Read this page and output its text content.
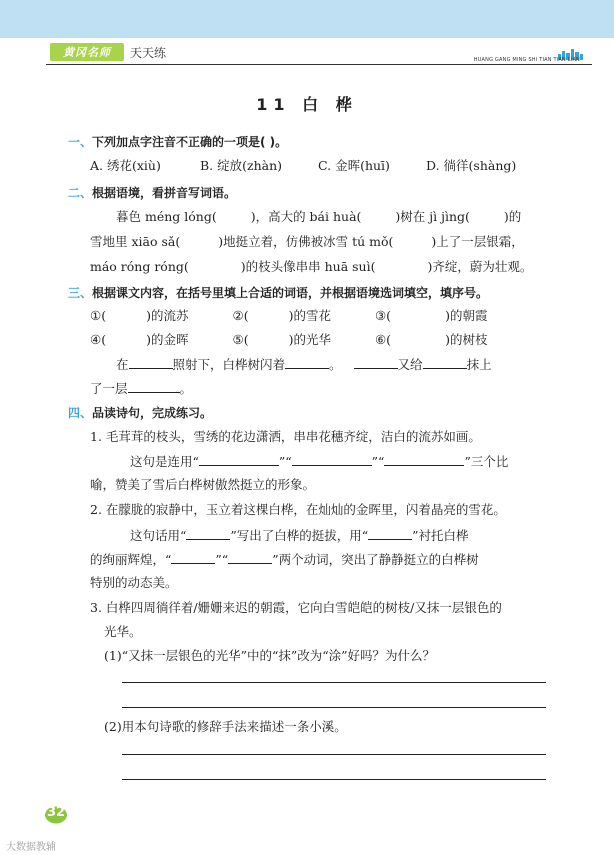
黄冈名师 天天练	HUANG GANG MING SHI TIAN TIAN LIAN
11 白 桦
一、下列加点字注音不正确的一项是( )。
A. 绣花(xiù)	B. 绽放(zhàn)	C. 金晖(huī)	D. 徜徉(shàng)
二、根据语境，看拼音写词语。
暮色 méng lóng(	)，高大的 bái huà(	)树在 jì jìng(	)的
雪地里 xiāo sǎ(	)地挺立着，仿佛被冰雪 tú mǒ(	)上了一层银霜，
máo róng róng(	)的枝头像串串 huā suì(	)齐绽，蔚为壮观。
三、根据课文内容，在括号里填上合适的词语，并根据语境选词填空，填序号。
①(	)的流苏	②(	)的雪花	③(	)的朝霞
④(	)的金晖	⑤(	)的光华	⑥(	)的树枝
在	照射下，白桦树闪着	。	又给	抹上
了一层	。
四、品读诗句，完成练习。
1. 毛茸茸的枝头，雪绣的花边潇洒，串串花穗齐绽，洁白的流苏如画。
这句是连用“	”“	”“	”三个比
喻，赞美了雪后白桦树傲然挺立的形象。
2. 在朦胧的寂静中，玉立着这棵白桦，在灿灿的金晖里，闪着晶亮的雪花。
这句话用“	”写出了白桦的挺拔，用“	”衬托白桦
的绚丽辉煌，“	”“	”两个动词，突出了静静挺立的白桦树
特别的动态美。
3. 白桦四周徜徉着/姗姗来迟的朝霞，它向白雪皑皑的树枝/又抹一层银色的
光华。
(1)“又抹一层银色的光华”中的“抹”改为“涂”好吗？为什么？
(2)用本句诗歌的修辞手法来描述一条小溪。
32
大数据教辅
